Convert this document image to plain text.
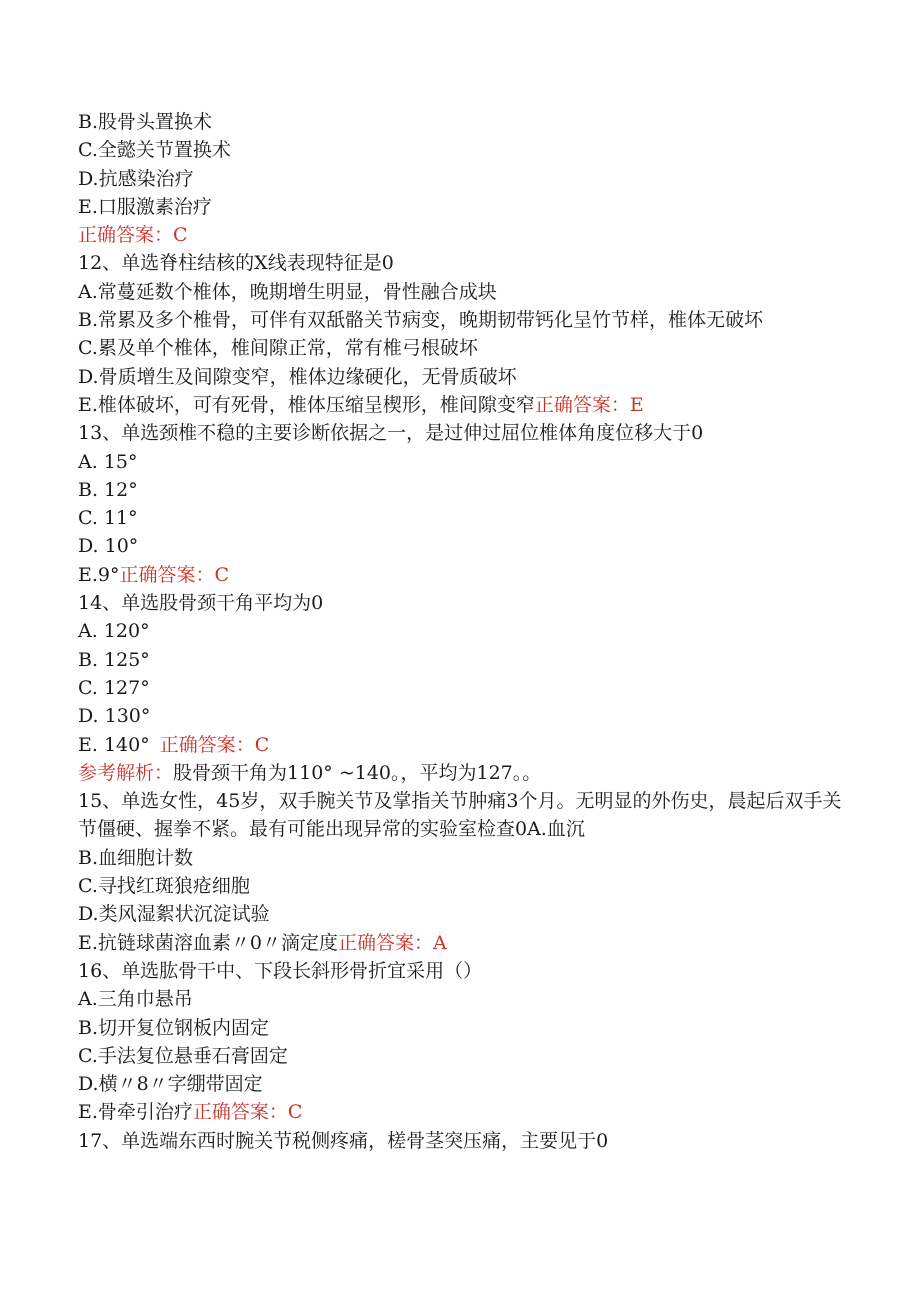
B.股骨头置换术
C.全懿关节置换术
D.抗感染治疗
E.口服激素治疗
正确答案：C
12、单选脊柱结核的X线表现特征是0
A.常蔓延数个椎体，晚期增生明显，骨性融合成块
B.常累及多个椎骨，可伴有双舐骼关节病变，晚期韧带钙化呈竹节样，椎体无破坏
C.累及单个椎体，椎间隙正常，常有椎弓根破坏
D.骨质增生及间隙变窄，椎体边缘硬化，无骨质破坏
E.椎体破坏，可有死骨，椎体压缩呈楔形，椎间隙变窄正确答案：E
13、单选颈椎不稳的主要诊断依据之一，是过伸过屈位椎体角度位移大于0
A. 15°
B. 12°
C. 11°
D. 10°
E.9°正确答案：C
14、单选股骨颈干角平均为0
A. 120°
B. 125°
C. 127°
D. 130°
E. 140° 正确答案：C
参考解析：股骨颈干角为110° ~140。，平均为127。。
15、单选女性，45岁，双手腕关节及掌指关节肿痛3个月。无明显的外伤史，晨起后双手关节僵硬、握拳不紧。最有可能出现异常的实验室检查0A.血沉
B.血细胞计数
C.寻找红斑狼疮细胞
D.类风湿絮状沉淀试验
E.抗链球菌溶血素〃0〃滴定度正确答案：A
16、单选肱骨干中、下段长斜形骨折宜采用（）
A.三角巾悬吊
B.切开复位钢板内固定
C.手法复位悬垂石膏固定
D.横〃8〃字绷带固定
E.骨牵引治疗正确答案：C
17、单选端东西时腕关节税侧疼痛，槎骨茎突压痛，主要见于0
